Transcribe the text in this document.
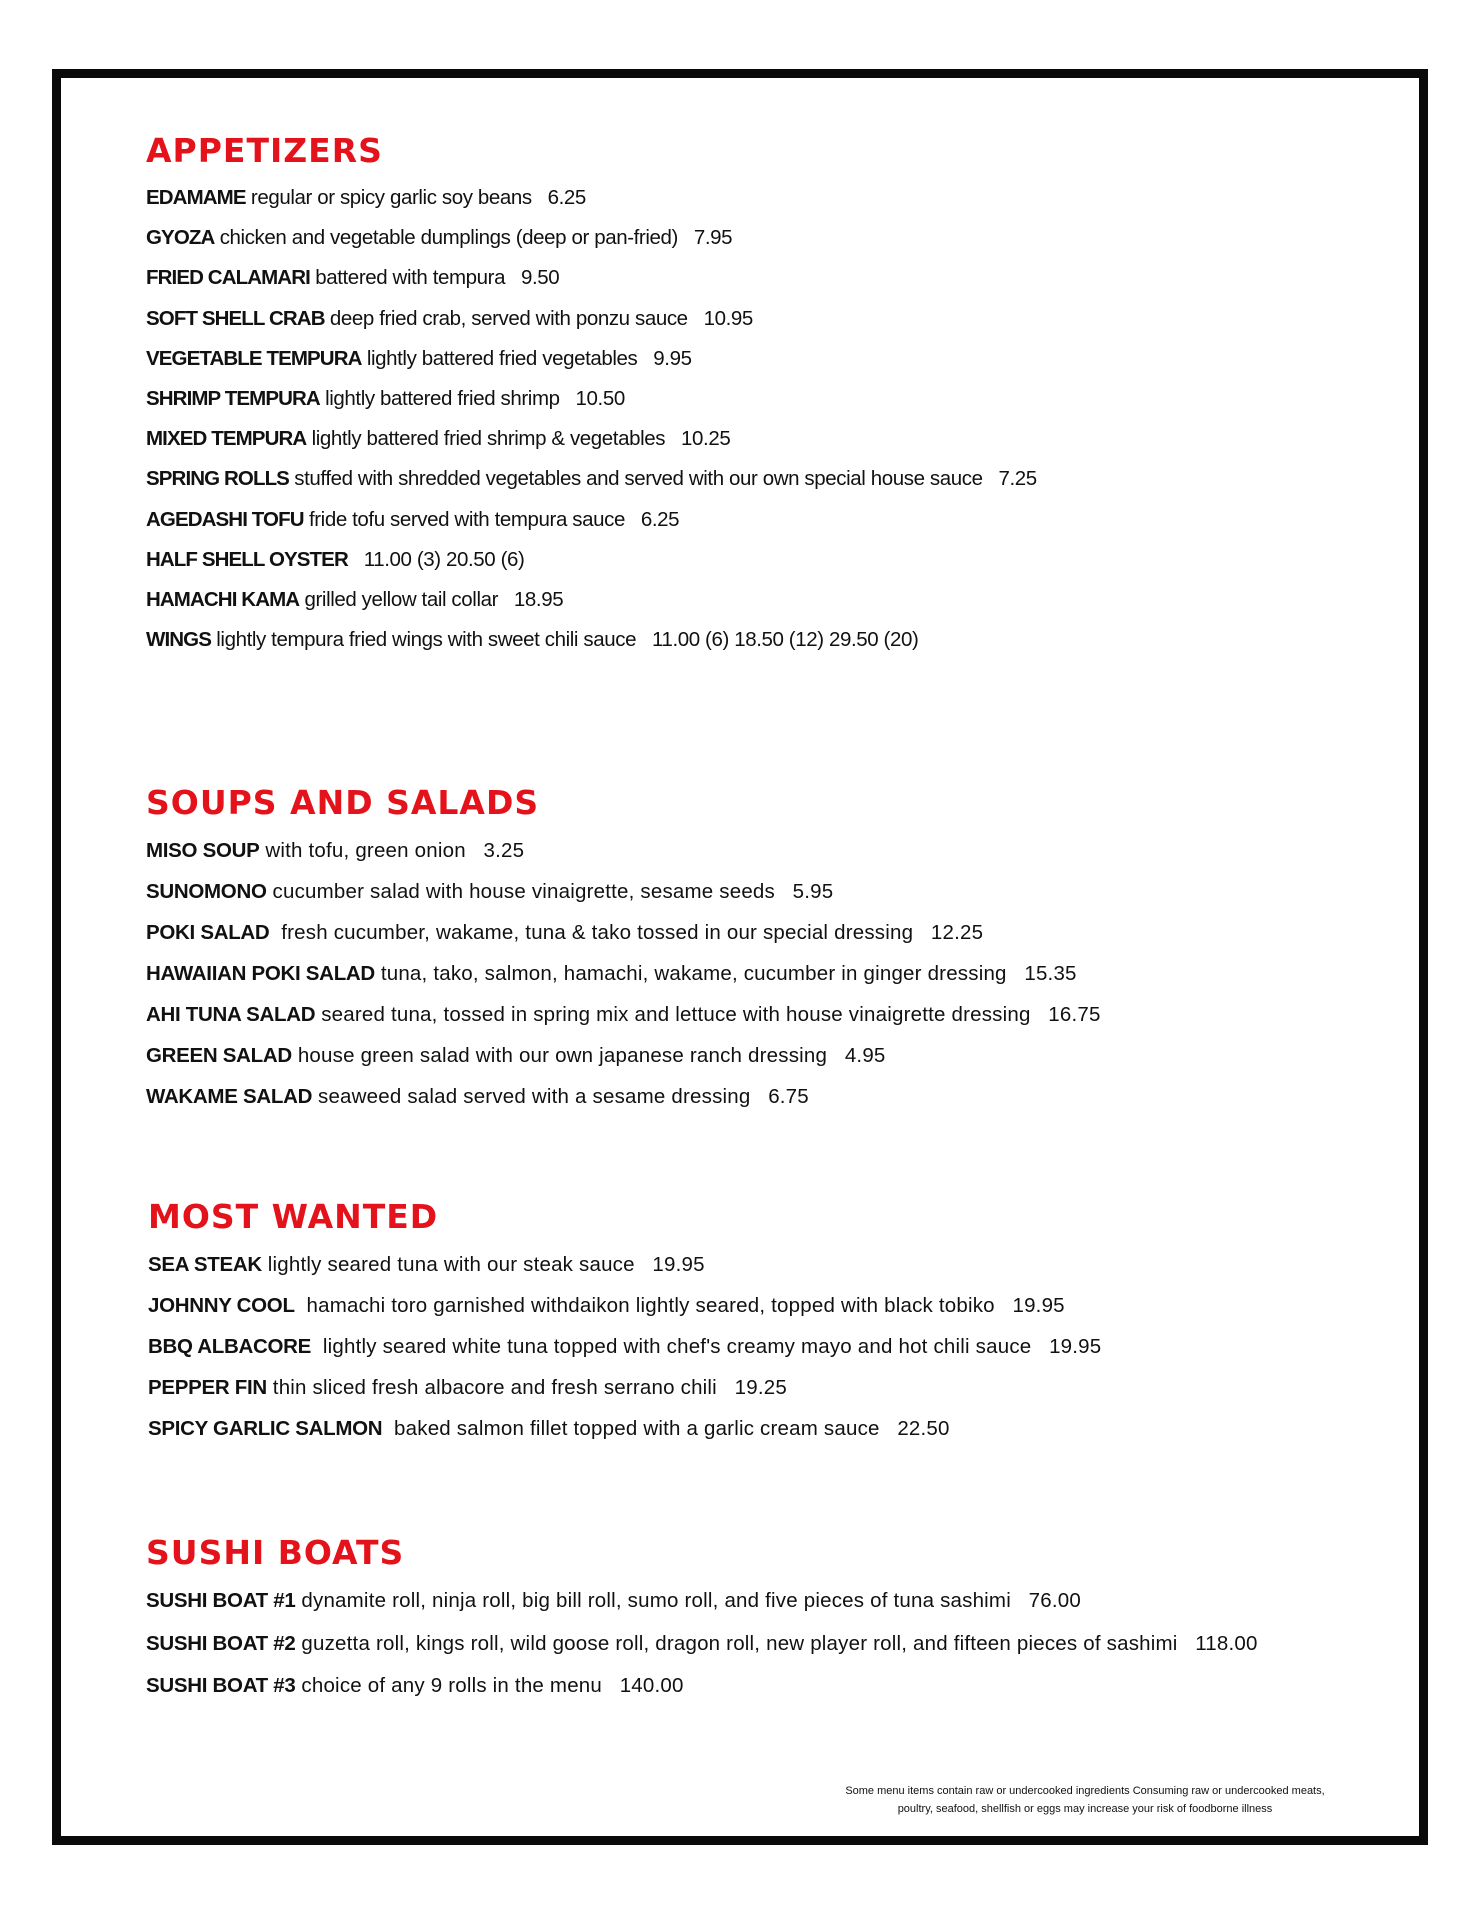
APPETIZERS
EDAMAME regular or spicy garlic soy beans 6.25
GYOZA chicken and vegetable dumplings (deep or pan-fried) 7.95
FRIED CALAMARI battered with tempura 9.50
SOFT SHELL CRAB deep fried crab, served with ponzu sauce 10.95
VEGETABLE TEMPURA lightly battered fried vegetables 9.95
SHRIMP TEMPURA lightly battered fried shrimp 10.50
MIXED TEMPURA lightly battered fried shrimp & vegetables 10.25
SPRING ROLLS stuffed with shredded vegetables and served with our own special house sauce 7.25
AGEDASHI TOFU fride tofu served with tempura sauce 6.25
HALF SHELL OYSTER 11.00 (3) 20.50 (6)
HAMACHI KAMA grilled yellow tail collar 18.95
WINGS lightly tempura fried wings with sweet chili sauce 11.00 (6) 18.50 (12) 29.50 (20)
SOUPS AND SALADS
MISO SOUP with tofu, green onion 3.25
SUNOMONO cucumber salad with house vinaigrette, sesame seeds 5.95
POKI SALAD  fresh cucumber, wakame, tuna & tako tossed in our special dressing 12.25
HAWAIIAN POKI SALAD tuna, tako, salmon, hamachi, wakame, cucumber in ginger dressing 15.35
AHI TUNA SALAD seared tuna, tossed in spring mix and lettuce with house vinaigrette dressing 16.75
GREEN SALAD house green salad with our own japanese ranch dressing 4.95
WAKAME SALAD seaweed salad served with a sesame dressing 6.75
MOST WANTED
SEA STEAK lightly seared tuna with our steak sauce 19.95
JOHNNY COOL  hamachi toro garnished withdaikon lightly seared, topped with black tobiko 19.95
BBQ ALBACORE  lightly seared white tuna topped with chef's creamy mayo and hot chili sauce 19.95
PEPPER FIN thin sliced fresh albacore and fresh serrano chili 19.25
SPICY GARLIC SALMON  baked salmon fillet topped with a garlic cream sauce 22.50
SUSHI BOATS
SUSHI BOAT #1 dynamite roll, ninja roll, big bill roll, sumo roll, and five pieces of tuna sashimi 76.00
SUSHI BOAT #2 guzetta roll, kings roll, wild goose roll, dragon roll, new player roll, and fifteen pieces of sashimi 118.00
SUSHI BOAT #3 choice of any 9 rolls in the menu 140.00
Some menu items contain raw or undercooked ingredients Consuming raw or undercooked meats,
poultry, seafood, shellfish or eggs may increase your risk of foodborne illness
